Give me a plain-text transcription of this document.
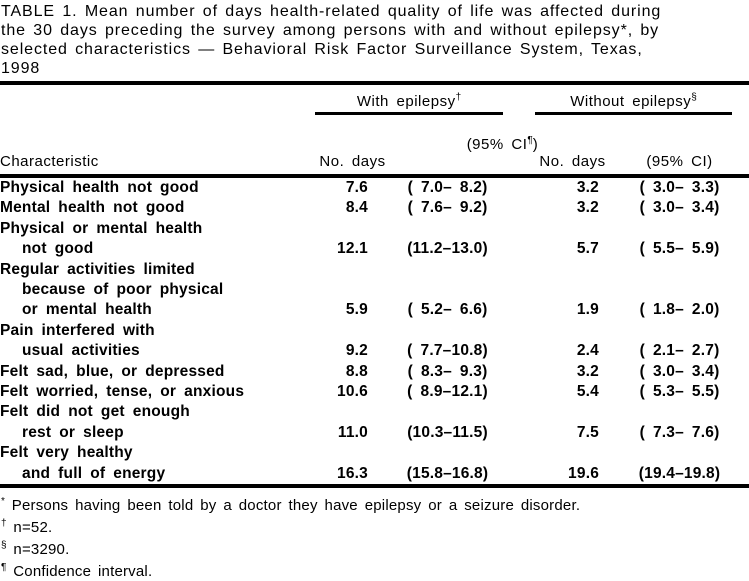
TABLE 1. Mean number of days health-related quality of life was affected during
the 30 days preceding the survey among persons with and without epilepsy*, by
selected characteristics — Behavioral Risk Factor Surveillance System, Texas,
1998

	With epilepsy†			Without epilepsy§

Characteristic	No. days	(95% CI¶)		No. days	(95% CI)
Physical health not good	7.6	( 7.0– 8.2)		3.2	( 3.0– 3.3)
Mental health not good	8.4	( 7.6– 9.2)		3.2	( 3.0– 3.4)
Physical or mental health					
not good	12.1	(11.2–13.0)		5.7	( 5.5– 5.9)
Regular activities limited					
because of poor physical					
or mental health	5.9	( 5.2– 6.6)		1.9	( 1.8– 2.0)
Pain interfered with					
usual activities	9.2	( 7.7–10.8)		2.4	( 2.1– 2.7)
Felt sad, blue, or depressed	8.8	( 8.3– 9.3)		3.2	( 3.0– 3.4)
Felt worried, tense, or anxious	10.6	( 8.9–12.1)		5.4	( 5.3– 5.5)
Felt did not get enough					
rest or sleep	11.0	(10.3–11.5)		7.5	( 7.3– 7.6)
Felt very healthy					
and full of energy	16.3	(15.8–16.8)		19.6	(19.4–19.8)
* Persons having been told by a doctor they have epilepsy or a seizure disorder.
† n=52.
§ n=3290.
¶ Confidence interval.
